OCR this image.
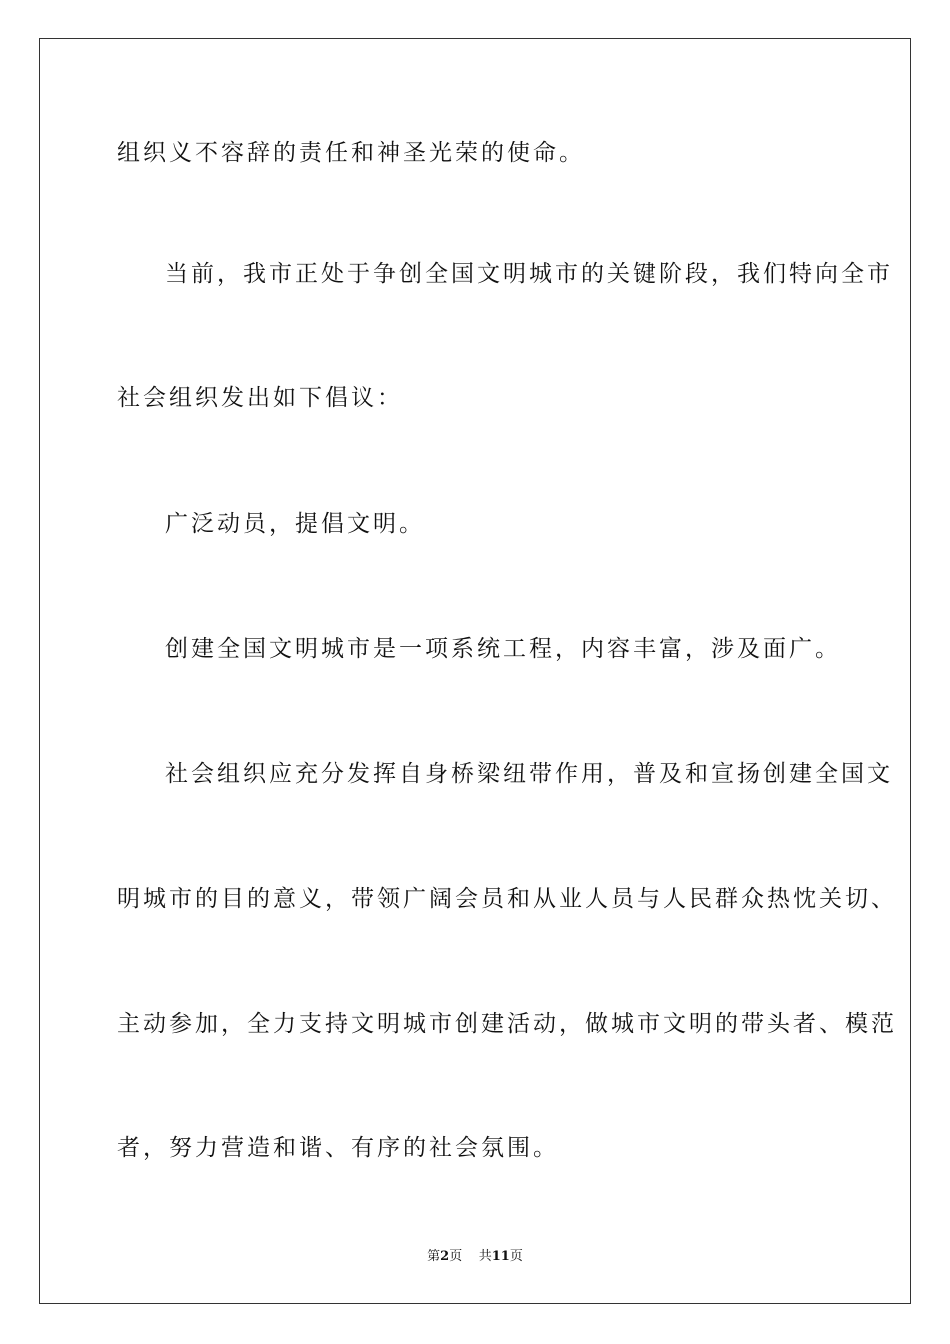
组织义不容辞的责任和神圣光荣的使命。
当前，我市正处于争创全国文明城市的关键阶段，我们特向全市
社会组织发出如下倡议：
广泛动员，提倡文明。
创建全国文明城市是一项系统工程，内容丰富，涉及面广。
社会组织应充分发挥自身桥梁纽带作用，普及和宣扬创建全国文
明城市的目的意义，带领广阔会员和从业人员与人民群众热忱关切、
主动参加，全力支持文明城市创建活动，做城市文明的带头者、模范
者，努力营造和谐、有序的社会氛围。
第2页 共11页
